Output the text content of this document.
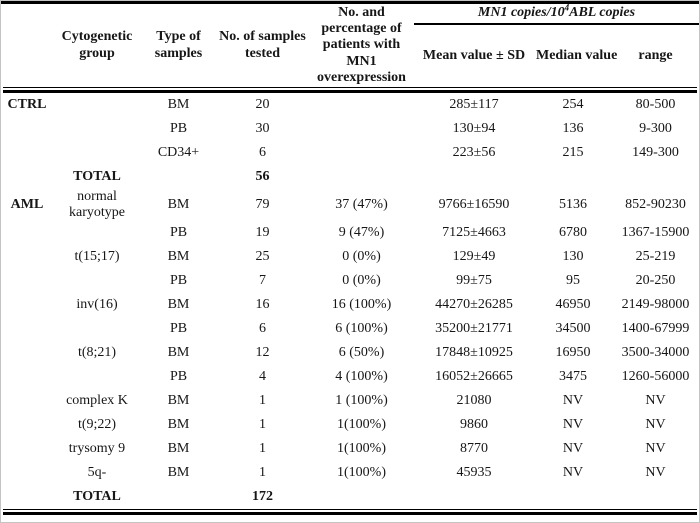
	Cytogenetic group	Type of samples	No. of samples tested	No. and percentage of patients with MN1 overexpression	MN1 copies/$10^4ABL$ copies		
					Mean value ± SD	Median value	range

CTRL		BM	20		285±117	254	80-500
		PB	30		130±94	136	9-300
		CD34+	6		223±56	215	149-300
	TOTAL		56				
AML	normal karyotype	BM	79	37 (47%)	9766±16590	5136	852-90230
		PB	19	9 (47%)	7125±4663	6780	1367-15900
	t(15;17)	BM	25	0 (0%)	129±49	130	25-219
		PB	7	0 (0%)	99±75	95	20-250
	inv(16)	BM	16	16 (100%)	44270±26285	46950	2149-98000
		PB	6	6 (100%)	35200±21771	34500	1400-67999
	t(8;21)	BM	12	6 (50%)	17848±10925	16950	3500-34000
		PB	4	4 (100%)	16052±26665	3475	1260-56000
	complex K	BM	1	1 (100%)	21080	NV	NV
	t(9;22)	BM	1	1(100%)	9860	NV	NV
	trysomy 9	BM	1	1(100%)	8770	NV	NV
	5q-	BM	1	1(100%)	45935	NV	NV
	TOTAL		172				
